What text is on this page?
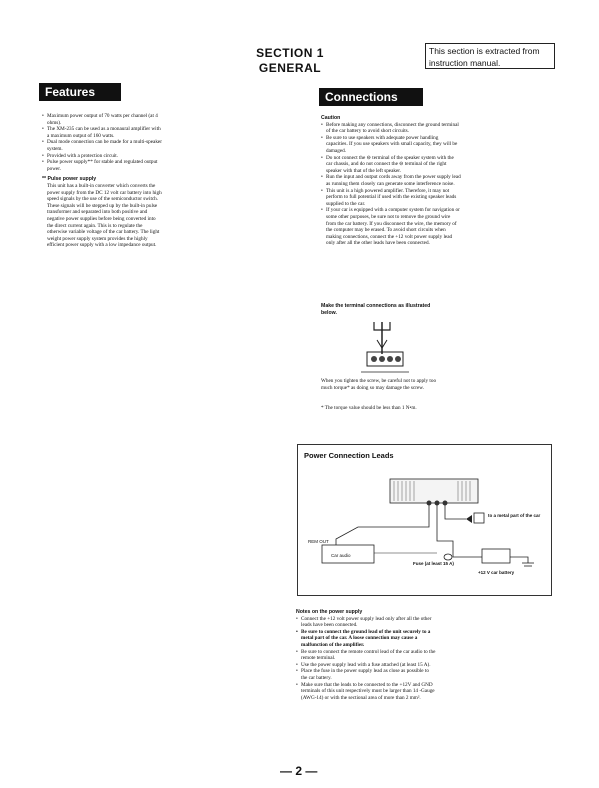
SECTION 1
GENERAL
This section is extracted from instruction manual.
Features
• Maximum power output of 70 watts per channel (at 4 ohms).
• The XM-235 can be used as a monaural amplifier with a maximum output of 160 watts.
• Dual mode connection can be made for a multi-speaker system.
• Provided with a protection circuit.
• Pulse power supply** for stable and regulated output power.

** Pulse power supply

This unit has a built-in converter which converts the power supply from the DC 12 volt car battery into high speed signals by the use of the semiconductor switch. These signals will be stepped up by the built-in pulse transformer and separated into both positive and negative power supplies before being converted into the direct current again. This is to regulate the otherwise variable voltage of the car battery. The light weight power supply system provides the highly efficient power supply with a low impedance output.

Connections

Caution

• Before making any connections, disconnect the ground terminal of the car battery to avoid short circuits.
• Be sure to use speakers with adequate power handling capacities. If you use speakers with small capacity, they will be damaged.
• Do not connect the ⊖ terminal of the speaker system with the car chassis, and do not connect the ⊖ terminal of the right speaker with that of the left speaker.
• Run the input and output cords away from the power supply lead as running them closely can generate some interference noise.
• This unit is a high powered amplifier. Therefore, it may not perform to full potential if used with the existing speaker leads supplied to the car.
• If your car is equipped with a computer system for navigation or some other purposes, be sure not to remove the ground wire from the car battery. If you disconnect the wire, the memory of the computer may be erased. To avoid short circuits when making connections, connect the +12 volt power supply lead only after all the other leads have been connected.
Make the terminal connections as illustrated below.
When you tighten the screw, be careful not to apply too much torque* as doing so may damage the screw.
* The torque value should be less than 1 N•m.
Power Connection Leads
REM OUT
Car audio
to a metal part of the car
Fuse (at least 15 A)
+12 V car battery

Notes on the power supply

• Connect the +12 volt power supply lead only after all the other leads have been connected.
• Be sure to connect the ground lead of the unit securely to a metal part of the car. A loose connection may cause a malfunction of the amplifier.
• Be sure to connect the remote control lead of the car audio to the remote terminal.
• Use the power supply lead with a fuse attached (at least 15 A).
• Place the fuse in the power supply lead as close as possible to the car battery.
• Make sure that the leads to be connected to the +12V and GND terminals of this unit respectively must be larger than 14 -Gauge (AWG-14) or with the sectional area of more than 2 mm².
— 2 —
